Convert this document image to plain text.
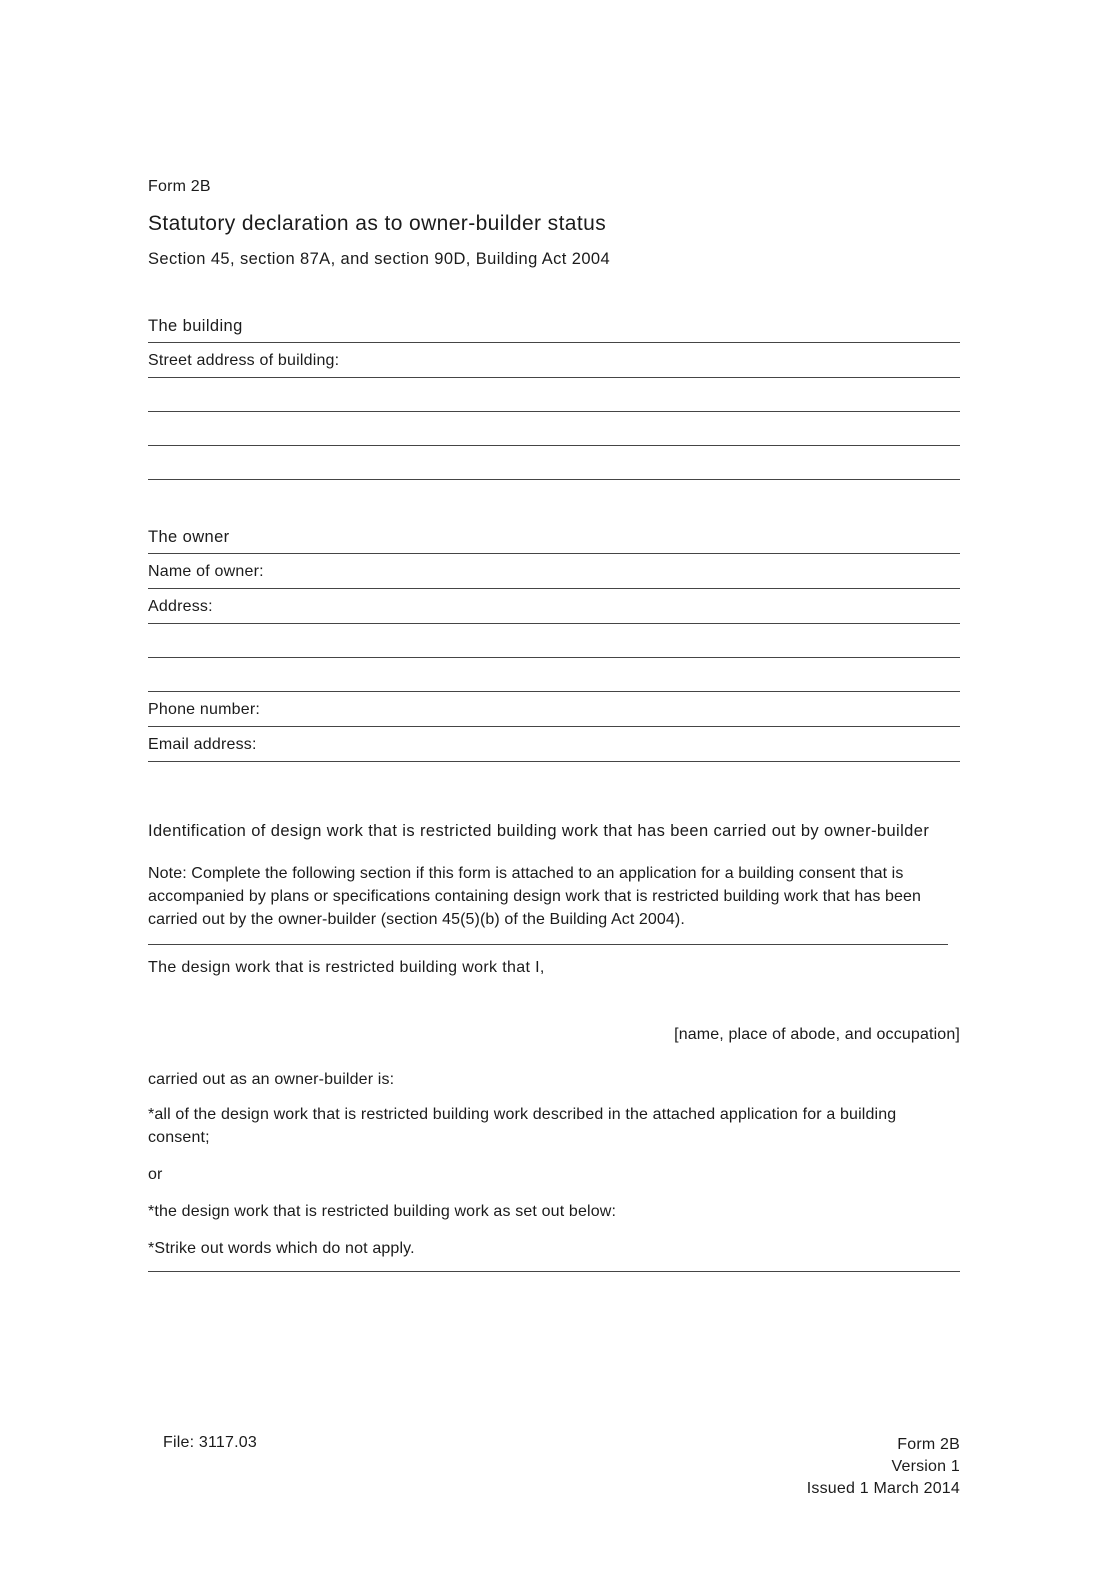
Form 2B
Statutory declaration as to owner-builder status
Section 45, section 87A, and section 90D, Building Act 2004
The building
Street address of building:
The owner
Name of owner:
Address:
Phone number:
Email address:
Identification of design work that is restricted building work that has been carried out by owner-builder
Note: Complete the following section if this form is attached to an application for a building consent that is accompanied by plans or specifications containing design work that is restricted building work that has been carried out by the owner-builder (section 45(5)(b) of the Building Act 2004).
The design work that is restricted building work that I,
[name, place of abode, and occupation]
carried out as an owner-builder is:
*all of the design work that is restricted building work described in the attached application for a building consent;
or
*the design work that is restricted building work as set out below:
*Strike out words which do not apply.
File: 3117.03	Form 2B
Version 1
Issued 1 March 2014
